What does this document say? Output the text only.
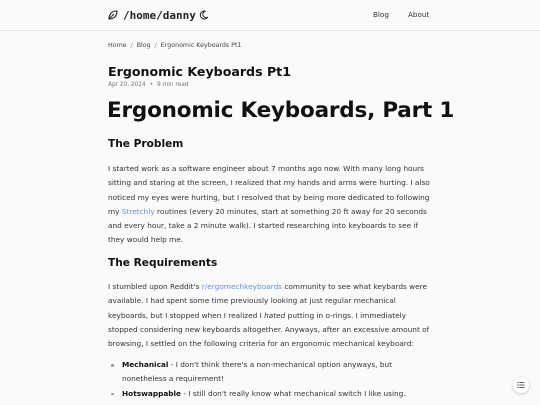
/home/danny	Blog	About
Home / Blog / Ergonomic Keyboards Pt1
Ergonomic Keyboards Pt1
Apr 20, 2024 • 9 min read
Ergonomic Keyboards, Part 1
The Problem
I started work as a software engineer about 7 months ago now. With many long hours sitting and staring at the screen, I realized that my hands and arms were hurting. I also noticed my eyes were hurting, but I resolved that by being more dedicated to following my Stretchly routines (every 20 minutes, start at something 20 ft away for 20 seconds and every hour, take a 2 minute walk). I started researching into keyboards to see if they would help me.
The Requirements
I stumbled upon Reddit's r/ergomechkeyboards community to see what keybards were available. I had spent some time previously looking at just regular mechanical keyboards, but I stopped when I realized I hated putting in o-rings. I immediately stopped considering new keyboards altogether. Anyways, after an excessive amount of browsing, I settled on the following criteria for an ergonomic mechanical keyboard:
Mechanical - I don't think there's a non-mechanical option anyways, but nonetheless a requirement!
Hotswappable - I still don't really know what mechanical switch I like using.
